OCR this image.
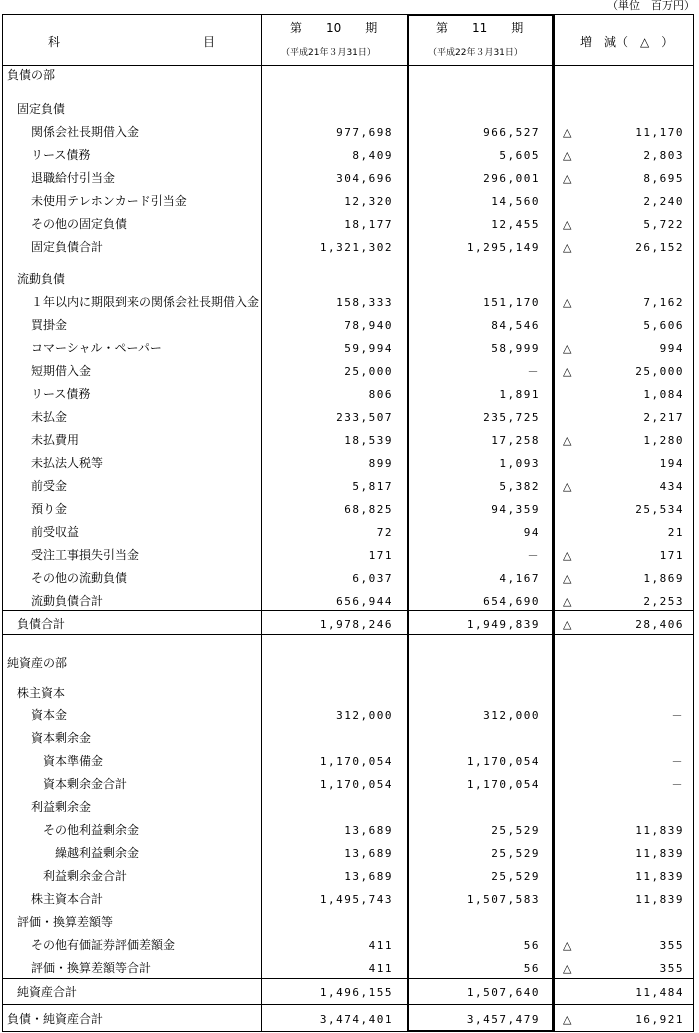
（単位　百万円）
科	目
第　　10　　期
（平成21年３月31日）
第　　11　　期
（平成22年３月31日）
増　減（　△　）
負債の部
固定負債
関係会社長期借入金	977,698	966,527 △	11,170
リース債務	8,409	5,605 △	2,803
退職給付引当金	304,696	296,001 △	8,695
未使用テレホンカード引当金	12,320	14,560	2,240
その他の固定負債	18,177	12,455 △	5,722
固定負債合計	1,321,302	1,295,149 △	26,152
流動負債
１年以内に期限到来の関係会社長期借入金	158,333	151,170 △	7,162
買掛金	78,940	84,546	5,606
コマーシャル・ペーパー	59,994	58,999 △	994
短期借入金	25,000	－ △	25,000
リース債務	806	1,891	1,084
未払金	233,507	235,725	2,217
未払費用	18,539	17,258 △	1,280
未払法人税等	899	1,093	194
前受金	5,817	5,382 △	434
預り金	68,825	94,359	25,534
前受収益	72	94	21
受注工事損失引当金	171	－ △	171
その他の流動負債	6,037	4,167 △	1,869
流動負債合計	656,944	654,690 △	2,253
負債合計	1,978,246	1,949,839 △	28,406
純資産の部
株主資本
資本金	312,000	312,000	－
資本剰余金
資本準備金	1,170,054	1,170,054	－
資本剰余金合計	1,170,054	1,170,054	－
利益剰余金
その他利益剰余金	13,689	25,529	11,839
繰越利益剰余金	13,689	25,529	11,839
利益剰余金合計	13,689	25,529	11,839
株主資本合計	1,495,743	1,507,583	11,839
評価・換算差額等
その他有価証券評価差額金	411	56 △	355
評価・換算差額等合計	411	56 △	355
純資産合計	1,496,155	1,507,640	11,484
負債・純資産合計	3,474,401	3,457,479 △	16,921
